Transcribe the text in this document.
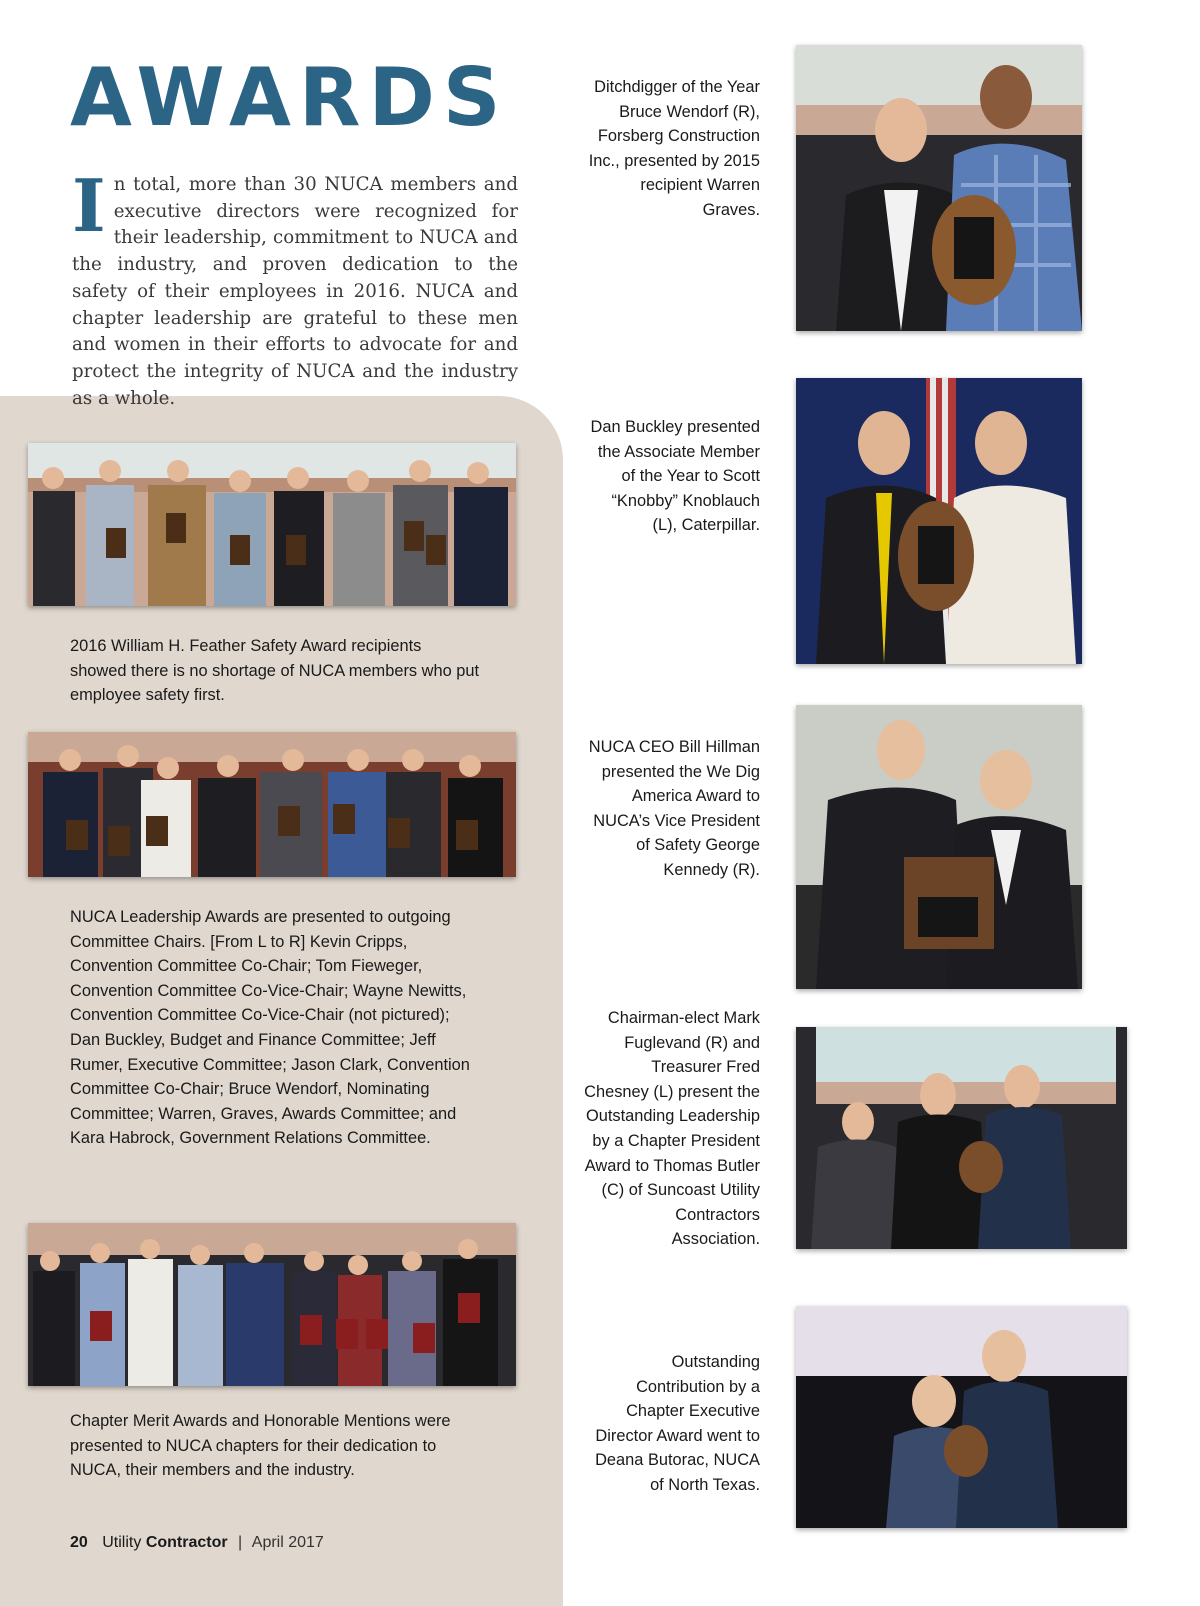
AWARDS

In total, more than 30 NUCA members and executive directors were recognized for their leadership, commitment to NUCA and the industry, and proven dedication to the safety of their employees in 2016. NUCA and chapter leadership are grateful to these men and women in their efforts to advocate for and protect the integrity of NUCA and the industry as a whole.

2016 William H. Feather Safety Award recipients showed there is no shortage of NUCA members who put employee safety first.

NUCA Leadership Awards are presented to outgoing Committee Chairs. [From L to R] Kevin Cripps, Convention Committee Co-Chair; Tom Fieweger, Convention Committee Co-Vice-Chair; Wayne Newitts, Convention Committee Co-Vice-Chair (not pictured); Dan Buckley, Budget and Finance Committee; Jeff Rumer, Executive Committee; Jason Clark, Convention Committee Co-Chair; Bruce Wendorf, Nominating Committee; Warren, Graves, Awards Committee; and Kara Habrock, Government Relations Committee.

Chapter Merit Awards and Honorable Mentions were presented to NUCA chapters for their dedication to NUCA, their members and the industry.

Ditchdigger of the Year Bruce Wendorf (R), Forsberg Construction Inc., presented by 2015 recipient Warren Graves.

Dan Buckley presented the Associate Member of the Year to Scott “Knobby” Knoblauch (L), Caterpillar.

NUCA CEO Bill Hillman presented the We Dig America Award to NUCA’s Vice President of Safety George Kennedy (R).

Chairman-elect Mark Fuglevand (R) and Treasurer Fred Chesney (L) present the Outstanding Leadership by a Chapter President Award to Thomas Butler (C) of Suncoast Utility Contractors Association.

Outstanding Contribution by a Chapter Executive Director Award went to Deana Butorac, NUCA of North Texas.

20 Utility Contractor | April 2017
